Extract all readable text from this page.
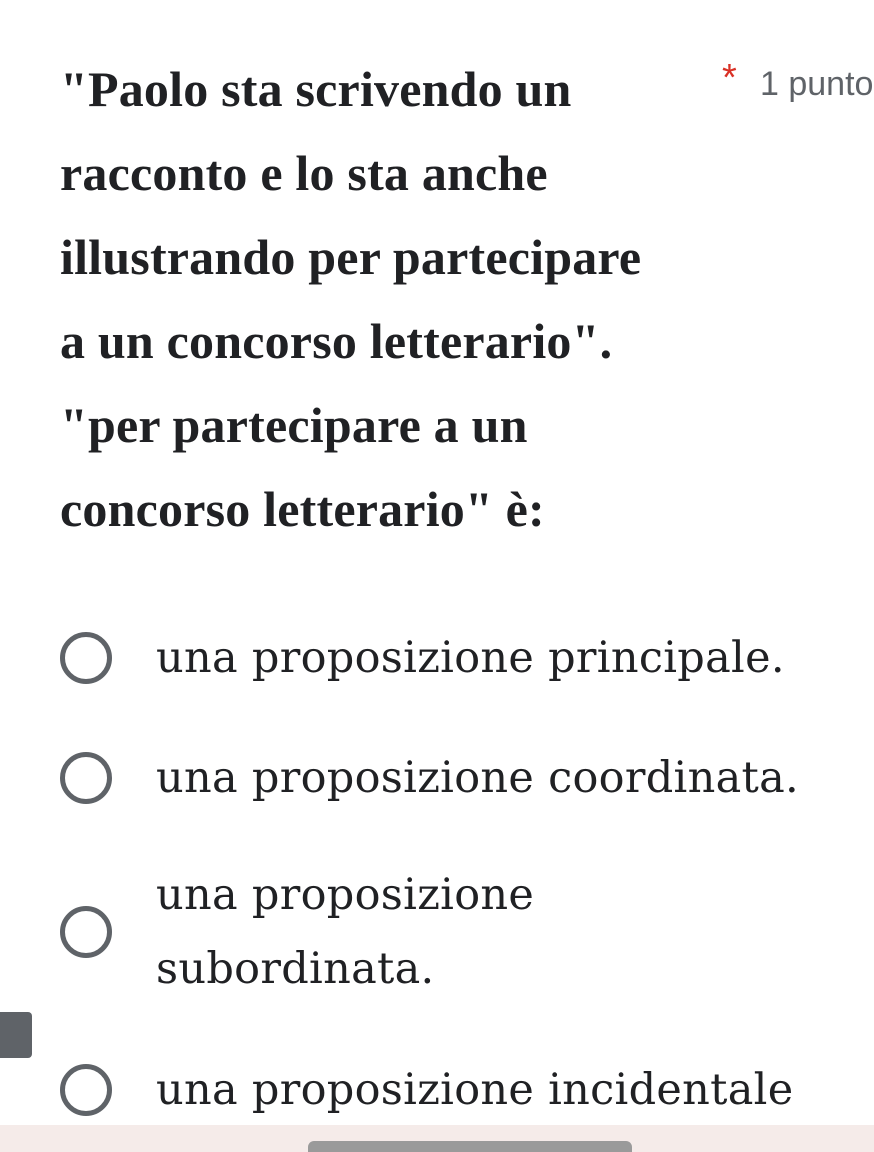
"Paolo sta scrivendo un
racconto e lo sta anche
illustrando per partecipare
a un concorso letterario".
"per partecipare a un
concorso letterario" è:
* 1 punto
una proposizione principale.
una proposizione coordinata.
una proposizione
subordinata.
una proposizione incidentale
